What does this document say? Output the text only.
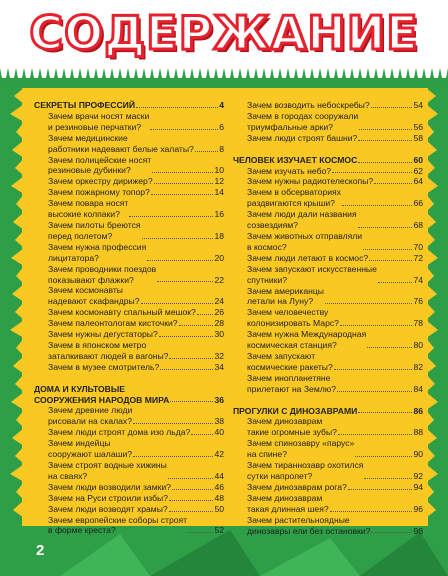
СОДЕРЖАНИЕ
2
СЕКРЕТЫ ПРОФЕССИЙ	4
Зачем врачи носят маски
и резиновые перчатки?	6
Зачем медицинские
работники надевают белые халаты?	8
Зачем полицейские носят
резиновые дубинки?	10
Зачем оркестру дирижер?	12
Зачем пожарному топор?	14
Зачем повара носят
высокие колпаки?	16
Зачем пилоты бреются
перед полетом?	18
Зачем нужна профессия
лицитатора?	20
Зачем проводники поездов
показывают флажки?	22
Зачем космонавты
надевают скафандры?	24
Зачем космонавту спальный мешок? 26
Зачем палеонтологам кисточки?	28
Зачем нужны дегустаторы?	30
Зачем в японском метро
заталкивают людей в вагоны?	32
Зачем в музее смотритель?	34
ДОМА И КУЛЬТОВЫЕ
СООРУЖЕНИЯ НАРОДОВ МИРА	36
Зачем древние люди
рисовали на скалах?	38
Зачем люди строят дома изо льда?	40
Зачем индейцы
сооружают шалаши?	42
Зачем строят водные хижины
на сваях?	44
Зачем люди возводили замки?	46
Зачем на Руси строили избы?	48
Зачем люди возводят храмы?	50
Зачем европейские соборы строят
в форме креста?	52
Зачем возводить небоскребы?	54
Зачем в городах сооружали
триумфальные арки?	56
Зачем люди строят башни?	58
ЧЕЛОВЕК ИЗУЧАЕТ КОСМОС	60
Зачем изучать небо?	62
Зачем нужны радиотелескопы?	64
Зачем в обсерваториях
раздвигаются крыши?	66
Зачем люди дали названия
созвездиям?	68
Зачем животных отправляли
в космос?	70
Зачем люди летают в космос?	72
Зачем запускают искусственные
спутники?	74
Зачем американцы
летали на Луну?	76
Зачем человечеству
колонизировать Марс?	78
Зачем нужна Международная
космическая станция?	80
Зачем запускают
космические ракеты?	82
Зачем инопланетяне
прилетают на Землю?	84
ПРОГУЛКИ С ДИНОЗАВРАМИ	86
Зачем динозаврам
такие огромные зубы?	88
Зачем спинозавру «парус»
на спине?	90
Зачем тираннозавр охотился
сутки напролет?	92
Зачем динозаврам рога?	94
Зачем динозаврам
такая длинная шея?	96
Зачем растительноядные
динозавры ели без остановки?	98
